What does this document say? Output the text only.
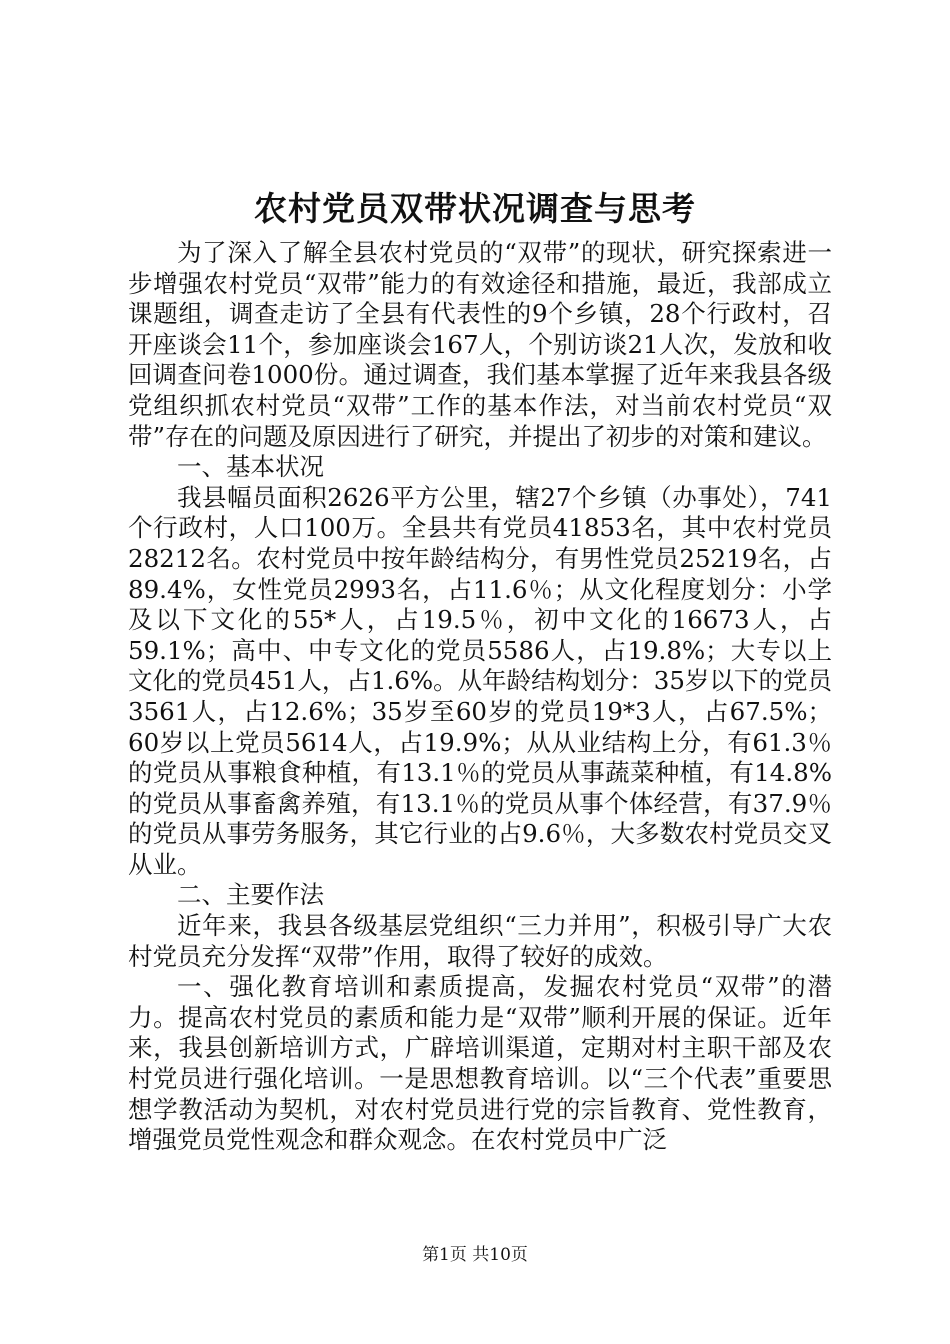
农村党员双带状况调查与思考

为了深入了解全县农村党员的“双带”的现状，研究探索进一步增强农村党员“双带”能力的有效途径和措施，最近，我部成立课题组，调查走访了全县有代表性的9个乡镇，28个行政村，召开座谈会11个，参加座谈会167人，个别访谈21人次，发放和收回调查问卷1000份。通过调查，我们基本掌握了近年来我县各级党组织抓农村党员“双带”工作的基本作法，对当前农村党员“双带”存在的问题及原因进行了研究，并提出了初步的对策和建议。

一、基本状况

我县幅员面积2626平方公里，辖27个乡镇（办事处），741个行政村，人口100万。全县共有党员41853名，其中农村党员28212名。农村党员中按年龄结构分，有男性党员25219名，占89.4%，女性党员2993名，占11.6％；从文化程度划分：小学及以下文化的55*人，占19.5％，初中文化的16673人，占59.1%；高中、中专文化的党员5586人，占19.8%；大专以上文化的党员451人，占1.6%。从年龄结构划分：35岁以下的党员3561人，占12.6%；35岁至60岁的党员19*3人，占67.5%；60岁以上党员5614人，占19.9%；从从业结构上分，有61.3％的党员从事粮食种植，有13.1％的党员从事蔬菜种植，有14.8%的党员从事畜禽养殖，有13.1％的党员从事个体经营，有37.9％的党员从事劳务服务，其它行业的占9.6％，大多数农村党员交叉从业。

二、主要作法

近年来，我县各级基层党组织“三力并用”，积极引导广大农村党员充分发挥“双带”作用，取得了较好的成效。

一、强化教育培训和素质提高，发掘农村党员“双带”的潜力。提高农村党员的素质和能力是“双带”顺利开展的保证。近年来，我县创新培训方式，广辟培训渠道，定期对村主职干部及农村党员进行强化培训。一是思想教育培训。以“三个代表”重要思想学教活动为契机，对农村党员进行党的宗旨教育、党性教育，增强党员党性观念和群众观念。在农村党员中广泛

第1页 共10页
